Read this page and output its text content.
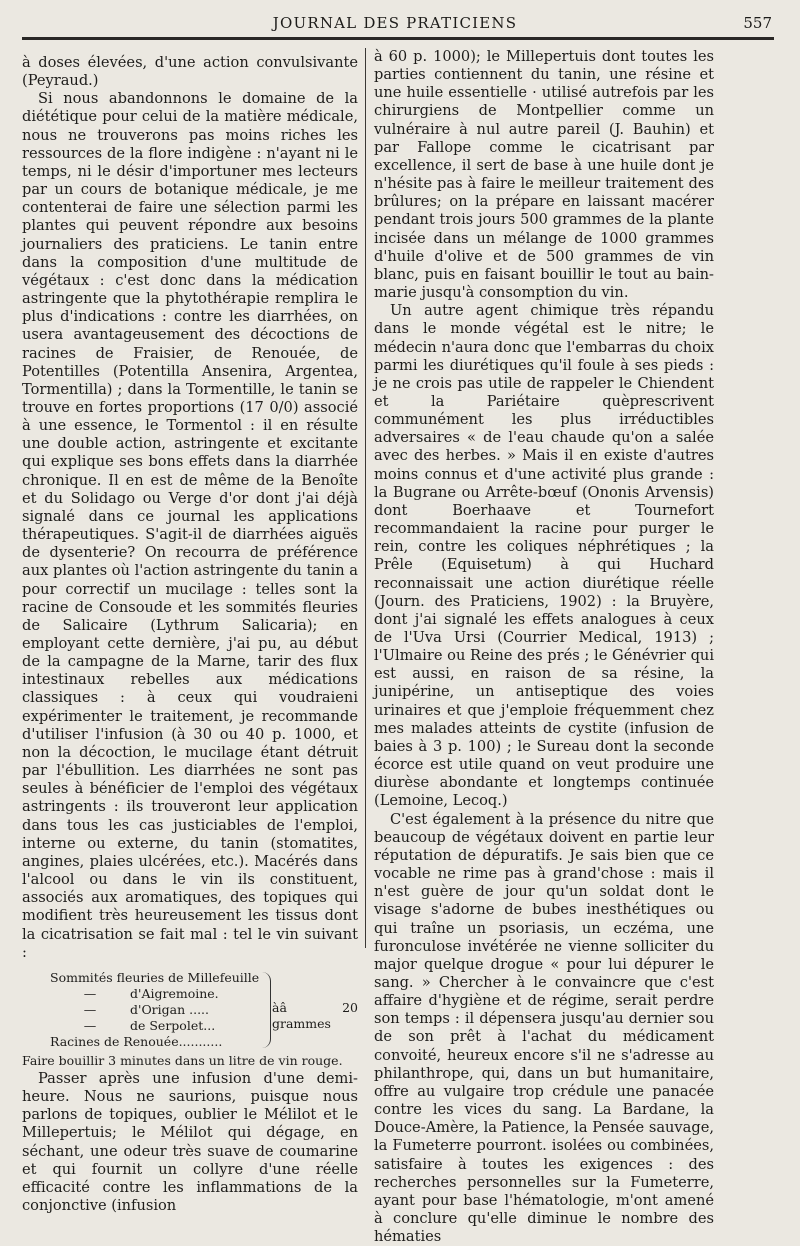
JOURNAL DES PRATICIENS	557

à doses élevées, d'une action convulsivante (Peyraud.)

Si nous abandonnons le domaine de la diététique pour celui de la matière médicale, nous ne trouverons pas moins riches les ressources de la flore indigène : n'ayant ni le temps, ni le désir d'importuner mes lecteurs par un cours de botanique médicale, je me contenterai de faire une sélection parmi les plantes qui peuvent répondre aux besoins journaliers des praticiens. Le tanin entre dans la composition d'une multitude de végétaux : c'est donc dans la médication astringente que la phytothérapie remplira le plus d'indications : contre les diarrhées, on usera avantageusement des décoctions de racines de Fraisier, de Renouée, de Potentilles (Potentilla Ansenira, Argentea, Tormentilla) ; dans la Tormentille, le tanin se trouve en fortes proportions (17 0/0) associé à une essence, le Tormentol : il en résulte une double action, astringente et excitante qui explique ses bons effets dans la diarrhée chronique. Il en est de même de la Benoîte et du Solidago ou Verge d'or dont j'ai déjà signalé dans ce journal les applications thérapeutiques. S'agit-il de diarrhées aiguës de dysenterie? On recourra de préférence aux plantes où l'action astringente du tanin a pour correctif un mucilage : telles sont la racine de Consoude et les sommités fleuries de Salicaire (Lythrum Salicaria); en employant cette dernière, j'ai pu, au début de la campagne de la Marne, tarir des flux intestinaux rebelles aux médications classiques : à ceux qui voudraieni expérimenter le traitement, je recommande d'utiliser l'infusion (à 30 ou 40 p. 1000, et non la décoction, le mucilage étant détruit par l'ébullition. Les diarrhées ne sont pas seules à bénéficier de l'emploi des végétaux astringents : ils trouveront leur application dans tous les cas justiciables de l'emploi, interne ou externe, du tanin (stomatites, angines, plaies ulcérées, etc.). Macérés dans l'alcool ou dans le vin ils constituent, associés aux aromatiques, des topiques qui modifient très heureusement les tissus dont la cicatrisation se fait mal : tel le vin suivant :

Sommités fleuries de Millefeuille
—	d'Aigremoine.
—	d'Origan .....
—	de Serpolet...
Racines de Renouée...........
àâ 20 grammes

Faire bouillir 3 minutes dans un litre de vin rouge.

Passer après une infusion d'une demi-heure. Nous ne saurions, puisque nous parlons de topiques, oublier le Mélilot et le Millepertuis; le Mélilot qui dégage, en séchant, une odeur très suave de coumarine et qui fournit un collyre d'une réelle efficacité contre les inflammations de la conjonctive (infusion

à 60 p. 1000); le Millepertuis dont toutes les parties contiennent du tanin, une résine et une huile essentielle · utilisé autrefois par les chirurgiens de Montpellier comme un vulnéraire à nul autre pareil (J. Bauhin) et par Fallope comme le cicatrisant par excellence, il sert de base à une huile dont je n'hésite pas à faire le meilleur traitement des brûlures; on la prépare en laissant macérer pendant trois jours 500 grammes de la plante incisée dans un mélange de 1000 grammes d'huile d'olive et de 500 grammes de vin blanc, puis en faisant bouillir le tout au bain-marie jusqu'à consomption du vin.

Un autre agent chimique très répandu dans le monde végétal est le nitre; le médecin n'aura donc que l'embarras du choix parmi les diurétiques qu'il foule à ses pieds : je ne crois pas utile de rappeler le Chiendent et la Pariétaire quèprescrivent communément les plus irréductibles adversaires « de l'eau chaude qu'on a salée avec des herbes. » Mais il en existe d'autres moins connus et d'une activité plus grande : la Bugrane ou Arrête-bœuf (Ononis Arvensis) dont Boerhaave et Tournefort recommandaient la racine pour purger le rein, contre les coliques néphrétiques ; la Prêle (Equisetum) à qui Huchard reconnaissait une action diurétique réelle (Journ. des Praticiens, 1902) : la Bruyère, dont j'ai signalé les effets analogues à ceux de l'Uva Ursi (Courrier Medical, 1913) ; l'Ulmaire ou Reine des prés ; le Génévrier qui est aussi, en raison de sa résine, la junipérine, un antiseptique des voies urinaires et que j'emploie fréquemment chez mes malades atteints de cystite (infusion de baies à 3 p. 100) ; le Sureau dont la seconde écorce est utile quand on veut produire une diurèse abondante et longtemps continuée (Lemoine, Lecoq.)

C'est également à la présence du nitre que beaucoup de végétaux doivent en partie leur réputation de dépuratifs. Je sais bien que ce vocable ne rime pas à grand'chose : mais il n'est guère de jour qu'un soldat dont le visage s'adorne de bubes inesthétiques ou qui traîne un psoriasis, un eczéma, une furonculose invétérée ne vienne solliciter du major quelque drogue « pour lui dépurer le sang. » Chercher à le convaincre que c'est affaire d'hygiène et de régime, serait perdre son temps : il dépensera jusqu'au dernier sou de son prêt à l'achat du médicament convoité, heureux encore s'il ne s'adresse au philanthrope, qui, dans un but humanitaire, offre au vulgaire trop crédule une panacée contre les vices du sang. La Bardane, la Douce-Amère, la Patience, la Pensée sauvage, la Fumeterre pourront. isolées ou combinées, satisfaire à toutes les exigences : des recherches personnelles sur la Fumeterre, ayant pour base l'hématologie, m'ont amené à conclure qu'elle diminue le nombre des hématies
